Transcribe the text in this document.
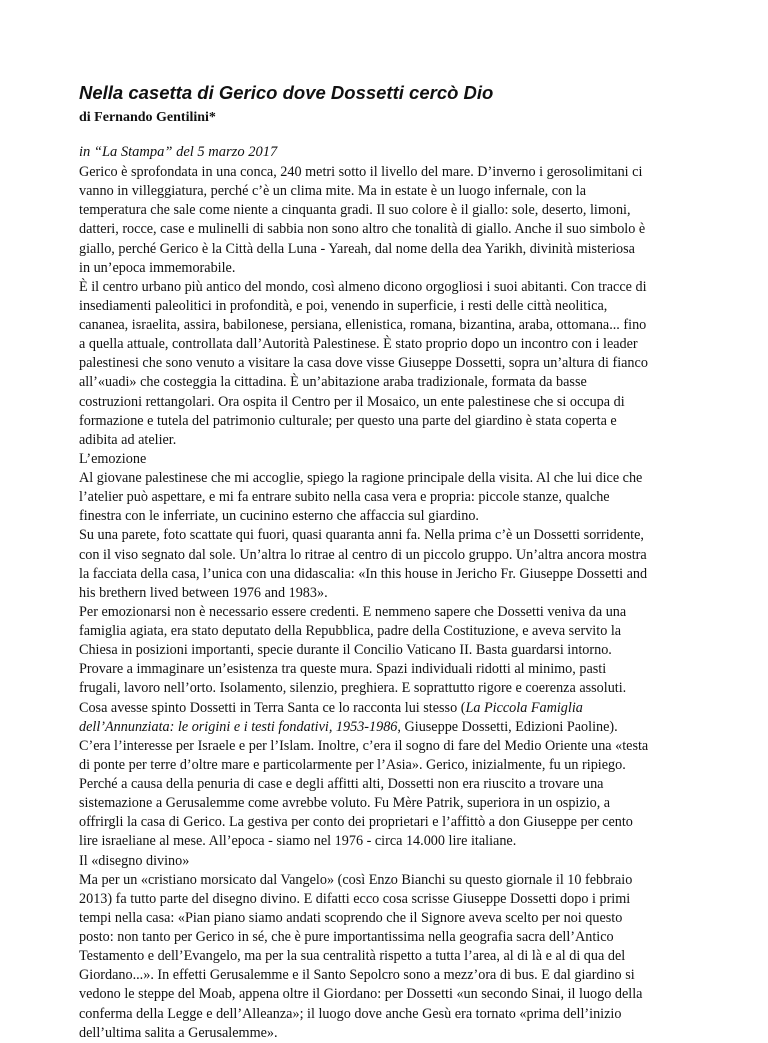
Nella casetta di Gerico dove Dossetti cercò Dio
di Fernando Gentilini*
in “La Stampa” del 5 marzo 2017
Gerico è sprofondata in una conca, 240 metri sotto il livello del mare. D’inverno i gerosolimitani ci
vanno in villeggiatura, perché c’è un clima mite. Ma in estate è un luogo infernale, con la
temperatura che sale come niente a cinquanta gradi. Il suo colore è il giallo: sole, deserto, limoni,
datteri, rocce, case e mulinelli di sabbia non sono altro che tonalità di giallo. Anche il suo simbolo è
giallo, perché Gerico è la Città della Luna - Yareah, dal nome della dea Yarikh, divinità misteriosa
in un’epoca immemorabile.
È il centro urbano più antico del mondo, così almeno dicono orgogliosi i suoi abitanti. Con tracce di
insediamenti paleolitici in profondità, e poi, venendo in superficie, i resti delle città neolitica,
cananea, israelita, assira, babilonese, persiana, ellenistica, romana, bizantina, araba, ottomana... fino
a quella attuale, controllata dall’Autorità Palestinese. È stato proprio dopo un incontro con i leader
palestinesi che sono venuto a visitare la casa dove visse Giuseppe Dossetti, sopra un’altura di fianco
all’«uadi» che costeggia la cittadina. È un’abitazione araba tradizionale, formata da basse
costruzioni rettangolari. Ora ospita il Centro per il Mosaico, un ente palestinese che si occupa di
formazione e tutela del patrimonio culturale; per questo una parte del giardino è stata coperta e
adibita ad atelier.
L’emozione
Al giovane palestinese che mi accoglie, spiego la ragione principale della visita. Al che lui dice che
l’atelier può aspettare, e mi fa entrare subito nella casa vera e propria: piccole stanze, qualche
finestra con le inferriate, un cucinino esterno che affaccia sul giardino.
Su una parete, foto scattate qui fuori, quasi quaranta anni fa. Nella prima c’è un Dossetti sorridente,
con il viso segnato dal sole. Un’altra lo ritrae al centro di un piccolo gruppo. Un’altra ancora mostra
la facciata della casa, l’unica con una didascalia: «In this house in Jericho Fr. Giuseppe Dossetti and
his brethern lived between 1976 and 1983».
Per emozionarsi non è necessario essere credenti. E nemmeno sapere che Dossetti veniva da una
famiglia agiata, era stato deputato della Repubblica, padre della Costituzione, e aveva servito la
Chiesa in posizioni importanti, specie durante il Concilio Vaticano II. Basta guardarsi intorno.
Provare a immaginare un’esistenza tra queste mura. Spazi individuali ridotti al minimo, pasti
frugali, lavoro nell’orto. Isolamento, silenzio, preghiera. E soprattutto rigore e coerenza assoluti.
Cosa avesse spinto Dossetti in Terra Santa ce lo racconta lui stesso (La Piccola Famiglia
dell’Annunziata: le origini e i testi fondativi, 1953-1986, Giuseppe Dossetti, Edizioni Paoline).
C’era l’interesse per Israele e per l’Islam. Inoltre, c’era il sogno di fare del Medio Oriente una «testa
di ponte per terre d’oltre mare e particolarmente per l’Asia». Gerico, inizialmente, fu un ripiego.
Perché a causa della penuria di case e degli affitti alti, Dossetti non era riuscito a trovare una
sistemazione a Gerusalemme come avrebbe voluto. Fu Mère Patrik, superiora in un ospizio, a
offrirgli la casa di Gerico. La gestiva per conto dei proprietari e l’affittò a don Giuseppe per cento
lire israeliane al mese. All’epoca - siamo nel 1976 - circa 14.000 lire italiane.
Il «disegno divino»
Ma per un «cristiano morsicato dal Vangelo» (così Enzo Bianchi su questo giornale il 10 febbraio
2013) fa tutto parte del disegno divino. E difatti ecco cosa scrisse Giuseppe Dossetti dopo i primi
tempi nella casa: «Pian piano siamo andati scoprendo che il Signore aveva scelto per noi questo
posto: non tanto per Gerico in sé, che è pure importantissima nella geografia sacra dell’Antico
Testamento e dell’Evangelo, ma per la sua centralità rispetto a tutta l’area, al di là e al di qua del
Giordano...». In effetti Gerusalemme e il Santo Sepolcro sono a mezz’ora di bus. E dal giardino si
vedono le steppe del Moab, appena oltre il Giordano: per Dossetti «un secondo Sinai, il luogo della
conferma della Legge e dell’Alleanza»; il luogo dove anche Gesù era tornato «prima dell’inizio
dell’ultima salita a Gerusalemme».
